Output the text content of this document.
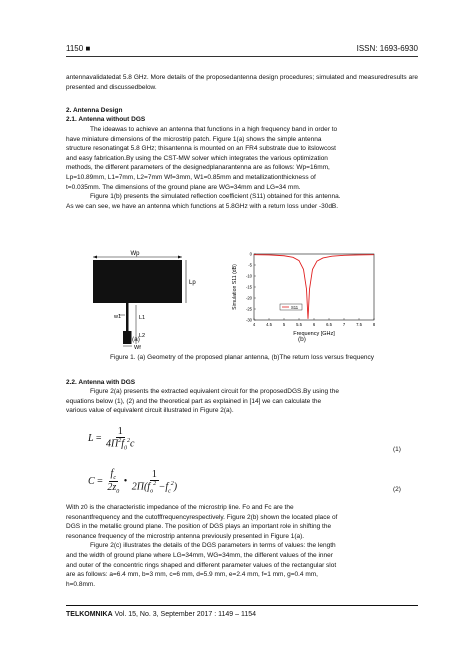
1150 ■	ISSN: 1693-6930
antennavalidatedat 5.8 GHz. More details of the proposedantenna design procedures; simulated and measuredresults are presented and discussedbelow.
2. Antenna Design
2.1. Antenna without DGS
The ideawas to achieve an antenna that functions in a high frequency band in order to
have miniature dimensions of the microstrip patch. Figure 1(a) shows the simple antenna
structure resonatingat 5.8 GHz; thisantenna is mounted on an FR4 substrate due to itslowcost
and easy fabrication.By using the CST-MW solver which integrates the various optimization
methods, the different parameters of the designedplanarantenna are as follows: Wp=16mm,
Lp=10.89mm, L1=7mm, L2=7mm Wf=3mm, W1=0.85mm and metallizationthickness of
t=0.035mm. The dimensions of the ground plane are WG=34mm and LG=34 mm.
Figure 1(b) presents the simulated reflection coefficient (S11) obtained for this antenna.
As we can see, we have an antenna which functions at 5.8GHz with a return loss under -30dB.
Wp
Lp
w1	L1
L2
Wf
(a)
4	4.5	5	5.5	6	6.5	7	7.5	8
0
-5
-10
-15
-20
-25
-30
Frequency [GHz]
Simulation S11 (dB)	S11
(b)
Figure 1. (a) Geometry of the proposed planar antenna, (b)The return loss versus frequency
2.2. Antenna with DGS
Figure 2(a) presents the extracted equivalent circuit for the proposedDGS.By using the
equations below (1), (2) and the theoretical part as explained in [14] we can calculate the
various value of equivalent circuit illustrated in Figure 2(a).
$L = \frac{1}{4\Pi^2f_0^2c}$	(1)
$C = \frac{f_c}{2z_0}$ • $\frac{1}{2\Pi(f_o^2 -f_c^2)}$	(2)
With z0 is the characteristic impedance of the microstrip line. Fo and Fc are the
resonantfrequency and the cutofffrequencyrespectively. Figure 2(b) shown the located place of
DGS in the metallic ground plane. The position of DGS plays an important role in shifting the
resonance frequency of the microstrip antenna previously presented in Figure 1(a).
Figure 2(c) illustrates the details of the DGS parameters in terms of values: the length
and the width of ground plane where LG=34mm, WG=34mm, the different values of the inner
and outer of the concentric rings shaped and different parameter values of the rectangular slot
are as follows: a=6.4 mm, b=3 mm, c=6 mm, d=5.9 mm, e=2.4 mm, f=1 mm, g=0.4 mm,
h=0.8mm.
TELKOMNIKA Vol. 15, No. 3, September 2017 : 1149 – 1154
